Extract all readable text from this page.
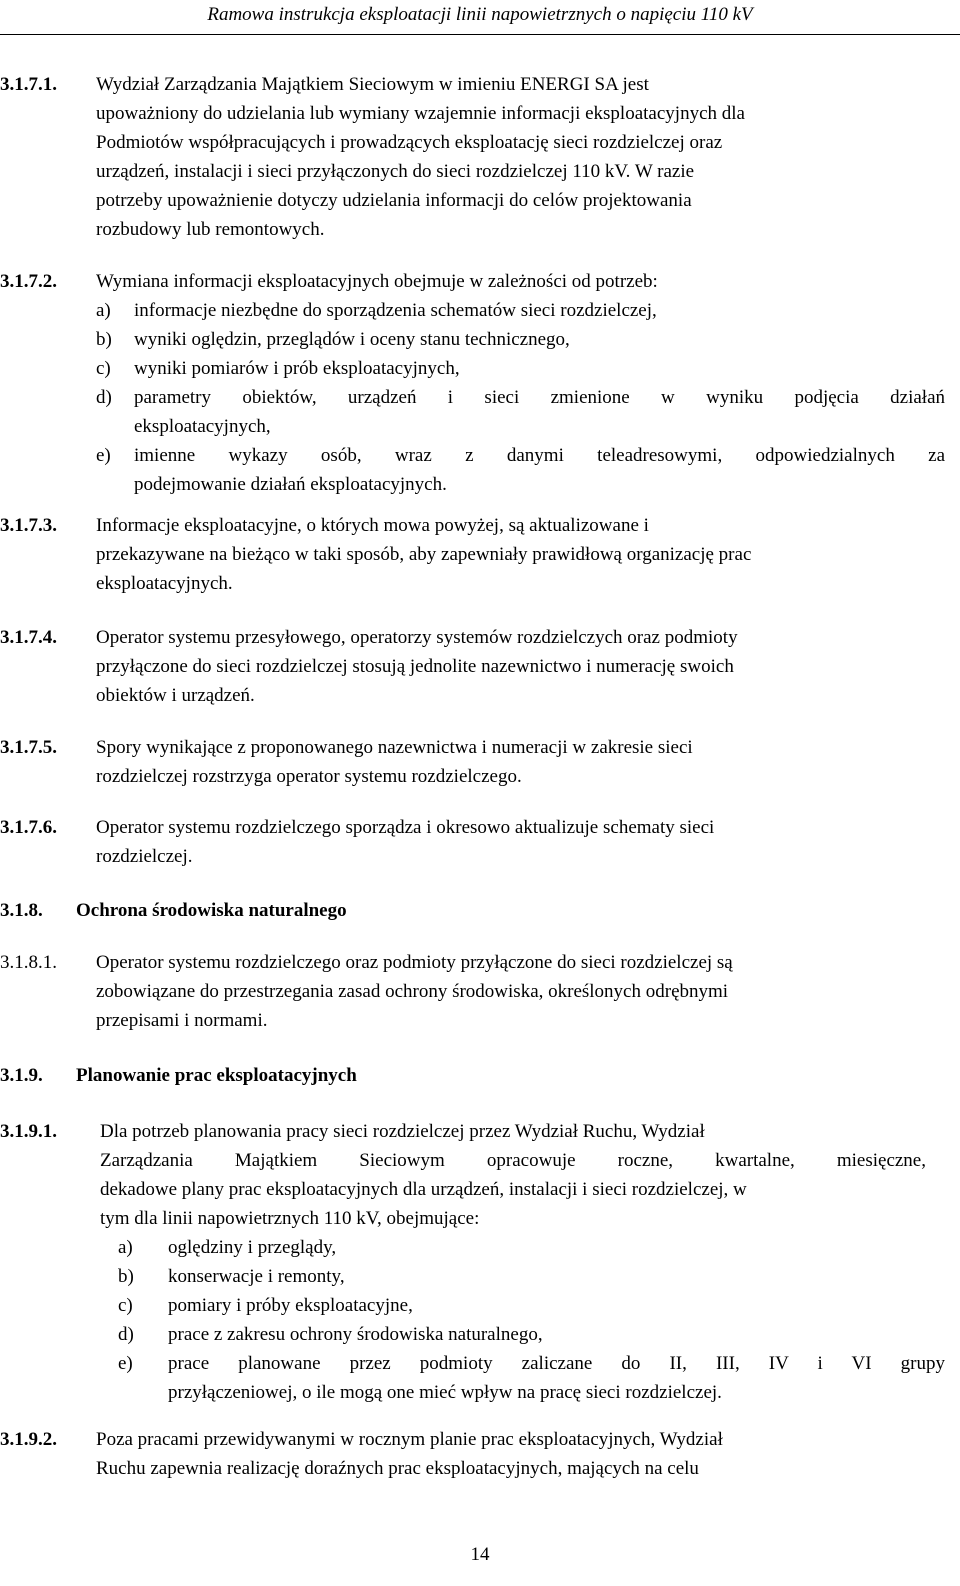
Ramowa instrukcja eksploatacji linii napowietrznych o napięciu 110 kV
3.1.7.1. Wydział Zarządzania Majątkiem Sieciowym w imieniu ENERGI SA jest
upoważniony do udzielania lub wymiany wzajemnie informacji eksploatacyjnych dla
Podmiotów współpracujących i prowadzących eksploatację sieci rozdzielczej oraz
urządzeń, instalacji i sieci przyłączonych do sieci rozdzielczej 110 kV. W razie
potrzeby upoważnienie dotyczy udzielania informacji do celów projektowania
rozbudowy lub remontowych.
3.1.7.2. Wymiana informacji eksploatacyjnych obejmuje w zależności od potrzeb:
a) informacje niezbędne do sporządzenia schematów sieci rozdzielczej,
b) wyniki oględzin, przeglądów i oceny stanu technicznego,
c) wyniki pomiarów i prób eksploatacyjnych,
d) parametry obiektów, urządzeń i sieci zmienione w wyniku podjęcia działań
eksploatacyjnych,
e) imienne wykazy osób, wraz z danymi teleadresowymi, odpowiedzialnych za
podejmowanie działań eksploatacyjnych.
3.1.7.3. Informacje eksploatacyjne, o których mowa powyżej, są aktualizowane i
przekazywane na bieżąco w taki sposób, aby zapewniały prawidłową organizację prac
eksploatacyjnych.
3.1.7.4. Operator systemu przesyłowego, operatorzy systemów rozdzielczych oraz podmioty
przyłączone do sieci rozdzielczej stosują jednolite nazewnictwo i numerację swoich
obiektów i urządzeń.
3.1.7.5. Spory wynikające z proponowanego nazewnictwa i numeracji w zakresie sieci
rozdzielczej rozstrzyga operator systemu rozdzielczego.
3.1.7.6. Operator systemu rozdzielczego sporządza i okresowo aktualizuje schematy sieci
rozdzielczej.
3.1.8. Ochrona środowiska naturalnego
3.1.8.1. Operator systemu rozdzielczego oraz podmioty przyłączone do sieci rozdzielczej są
zobowiązane do przestrzegania zasad ochrony środowiska, określonych odrębnymi
przepisami i normami.
3.1.9. Planowanie prac eksploatacyjnych
3.1.9.1. Dla potrzeb planowania pracy sieci rozdzielczej przez Wydział Ruchu, Wydział
Zarządzania Majątkiem Sieciowym opracowuje roczne, kwartalne, miesięczne,
dekadowe plany prac eksploatacyjnych dla urządzeń, instalacji i sieci rozdzielczej, w
tym dla linii napowietrznych 110 kV, obejmujące:
a) oględziny i przeglądy,
b) konserwacje i remonty,
c) pomiary i próby eksploatacyjne,
d) prace z zakresu ochrony środowiska naturalnego,
e) prace planowane przez podmioty zaliczane do II, III, IV i VI grupy
przyłączeniowej, o ile mogą one mieć wpływ na pracę sieci rozdzielczej.
3.1.9.2. Poza pracami przewidywanymi w rocznym planie prac eksploatacyjnych, Wydział
Ruchu zapewnia realizację doraźnych prac eksploatacyjnych, mających na celu
14
